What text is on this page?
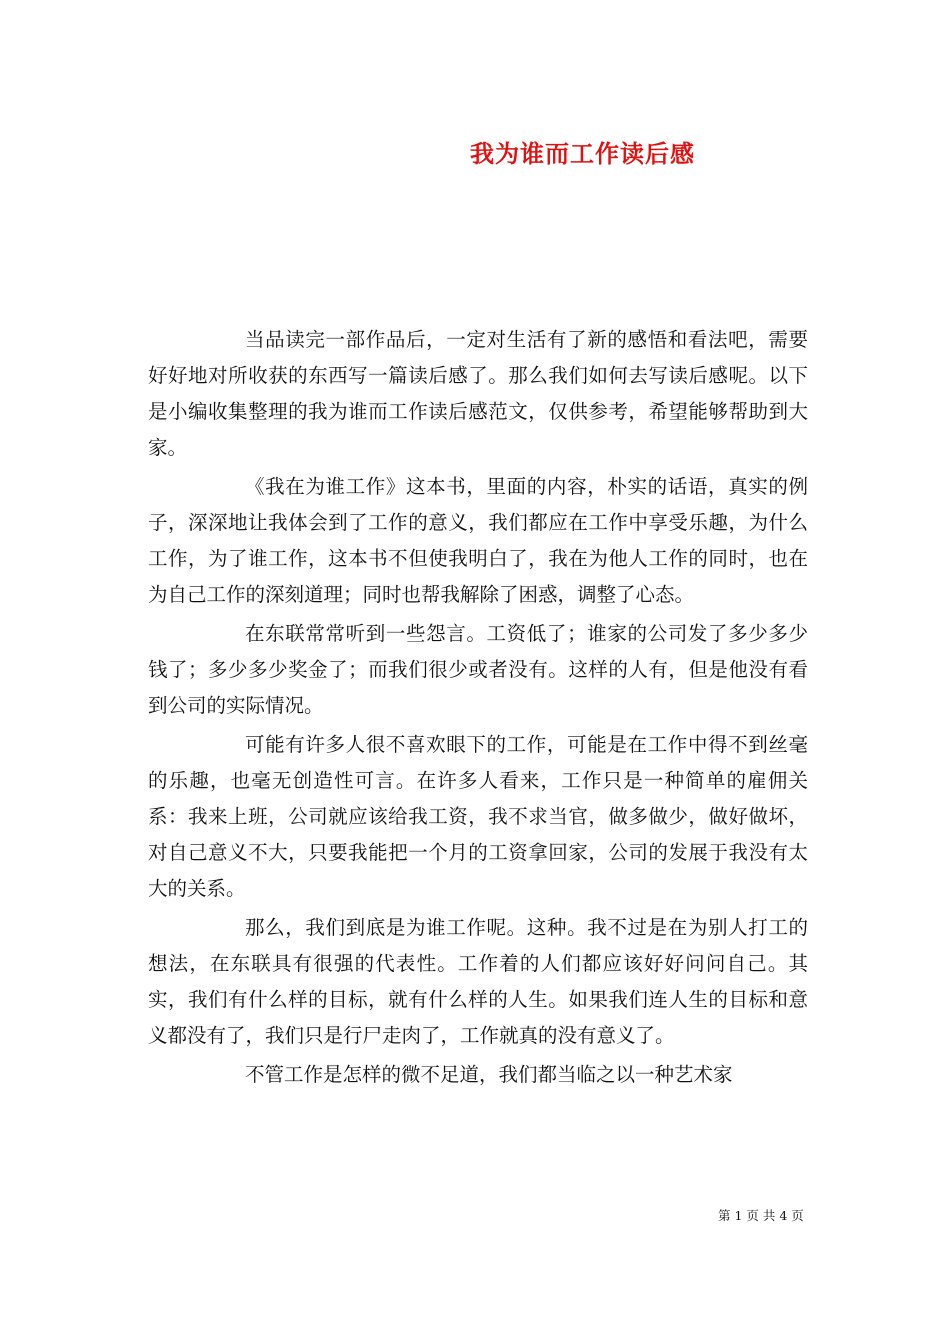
我为谁而工作读后感

当品读完一部作品后，一定对生活有了新的感悟和看法吧，需要好好地对所收获的东西写一篇读后感了。那么我们如何去写读后感呢。以下是小编收集整理的我为谁而工作读后感范文，仅供参考，希望能够帮助到大家。

《我在为谁工作》这本书，里面的内容，朴实的话语，真实的例子，深深地让我体会到了工作的意义，我们都应在工作中享受乐趣，为什么工作，为了谁工作，这本书不但使我明白了，我在为他人工作的同时，也在为自己工作的深刻道理；同时也帮我解除了困惑，调整了心态。

在东联常常听到一些怨言。工资低了；谁家的公司发了多少多少钱了；多少多少奖金了；而我们很少或者没有。这样的人有，但是他没有看到公司的实际情况。

可能有许多人很不喜欢眼下的工作，可能是在工作中得不到丝毫的乐趣，也毫无创造性可言。在许多人看来，工作只是一种简单的雇佣关系：我来上班，公司就应该给我工资，我不求当官，做多做少，做好做坏，对自己意义不大，只要我能把一个月的工资拿回家，公司的发展于我没有太大的关系。

那么，我们到底是为谁工作呢。这种。我不过是在为别人打工的想法，在东联具有很强的代表性。工作着的人们都应该好好问问自己。其实，我们有什么样的目标，就有什么样的人生。如果我们连人生的目标和意义都没有了，我们只是行尸走肉了，工作就真的没有意义了。

不管工作是怎样的微不足道，我们都当临之以一种艺术家

第 1 页 共 4 页
